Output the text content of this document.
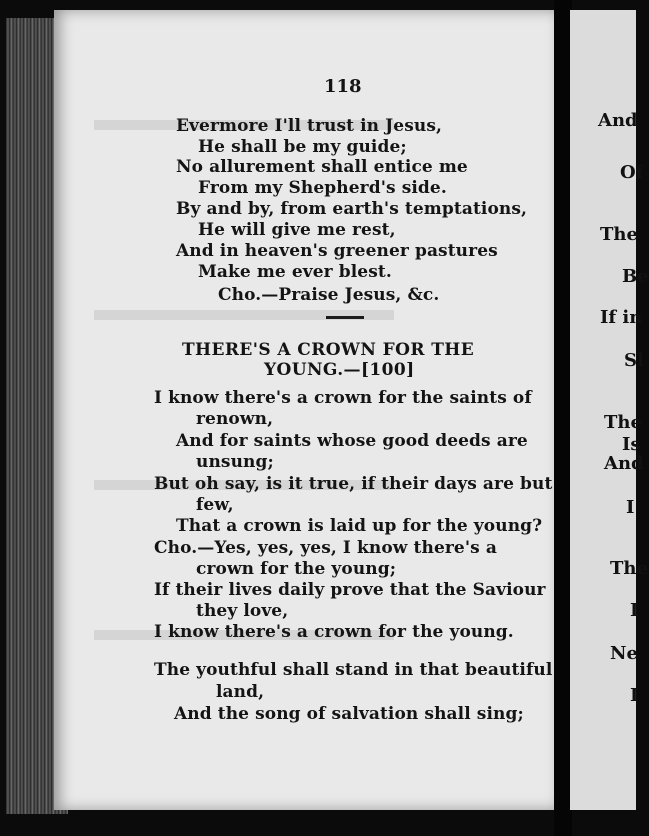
118
Evermore I'll trust in Jesus,
He shall be my guide;
No allurement shall entice me
From my Shepherd's side.
By and by, from earth's temptations,
He will give me rest,
And in heaven's greener pastures
Make me ever blest.
Cho.—Praise Jesus, &c.
THERE'S A CROWN FOR THE
YOUNG.—[100]
I know there's a crown for the saints of
renown,
And for saints whose good deeds are
unsung;
But oh say, is it true, if their days are but
few,
That a crown is laid up for the young?
Cho.—Yes, yes, yes, I know there's a
crown for the young;
If their lives daily prove that the Saviour
they love,
I know there's a crown for the young.
The youthful shall stand in that beautiful
land,
And the song of salvation shall sing;
And
Of
The
Be
If in
Sl
The
Is
And
I
The
I
Ne
I
